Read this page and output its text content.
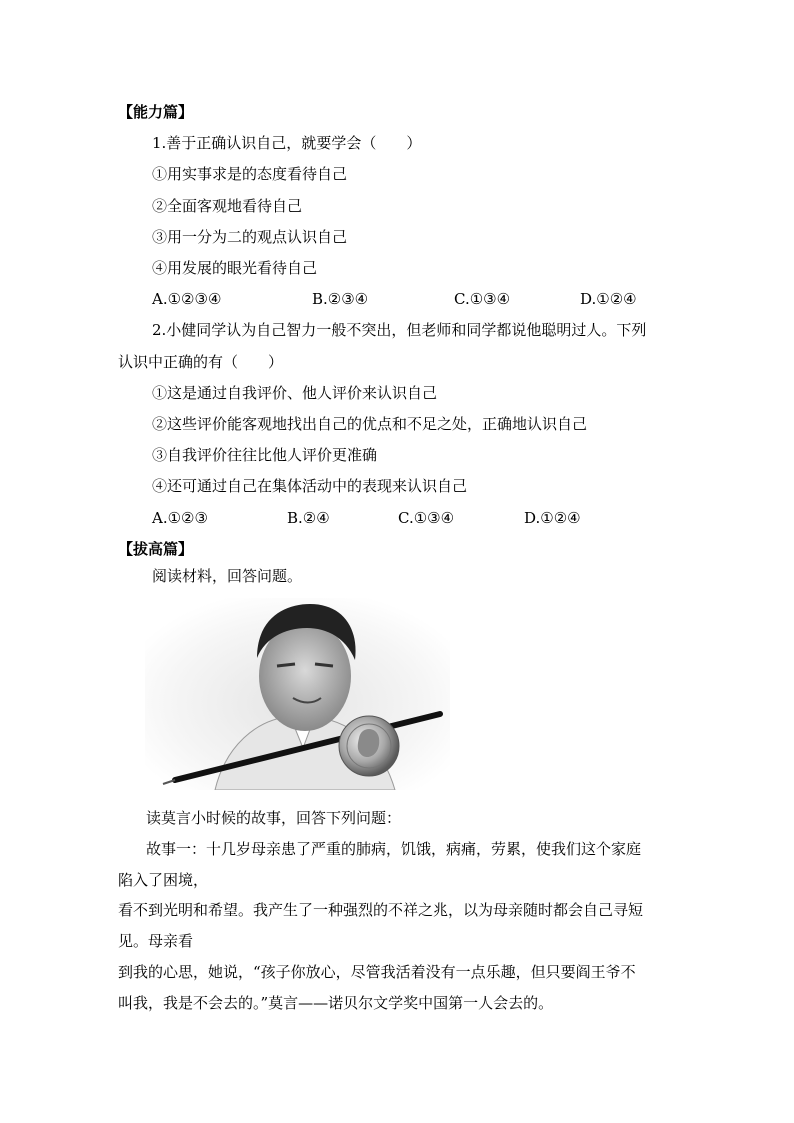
【能力篇】
1.善于正确认识自己，就要学会（　　）
①用实事求是的态度看待自己
②全面客观地看待自己
③用一分为二的观点认识自己
④用发展的眼光看待自己
A.①②③④	B.②③④	C.①③④	D.①②④
2.小健同学认为自己智力一般不突出，但老师和同学都说他聪明过人。下列
认识中正确的有（　　）
①这是通过自我评价、他人评价来认识自己
②这些评价能客观地找出自己的优点和不足之处，正确地认识自己
③自我评价往往比他人评价更准确
④还可通过自己在集体活动中的表现来认识自己
A.①②③	B.②④	C.①③④	D.①②④
【拔高篇】
阅读材料，回答问题。
读莫言小时候的故事，回答下列问题：
故事一：十几岁母亲患了严重的肺病，饥饿，病痛，劳累，使我们这个家庭
陷入了困境，
看不到光明和希望。我产生了一种强烈的不祥之兆，以为母亲随时都会自己寻短
见。母亲看
到我的心思，她说，“孩子你放心，尽管我活着没有一点乐趣，但只要阎王爷不
叫我，我是不会去的。”莫言——诺贝尔文学奖中国第一人会去的。
